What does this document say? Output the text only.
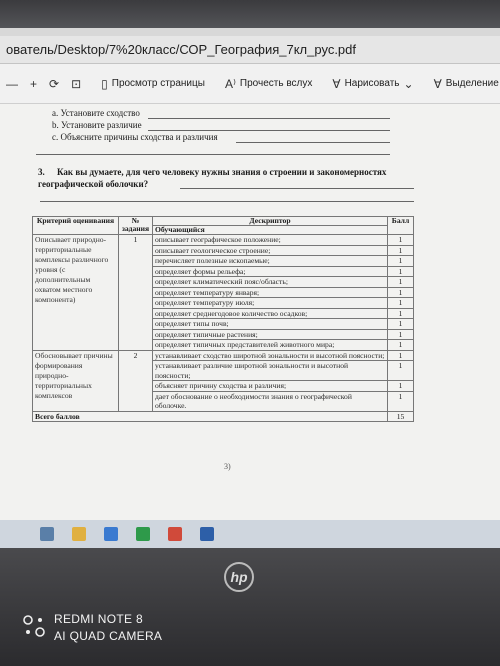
ователь/Desktop/7%20класс/СОР_География_7кл_рус.pdf
— + ⟳ ⊡ ▯ Просмотр страницы A⁾ Прочесть вслух ∀ Нарисовать ⌄ ∀ Выделение
a. Установите сходство
b. Установите различие
c. Объясните причины сходства и различия
3. Как вы думаете, для чего человеку нужны знания о строении и закономерностях географической оболочки?
Критерий оценивания	№ задания	Дескриптор	Балл
		Обучающийся	
Описывает природно-территориальные комплексы различного уровня (с дополнительным охватом местного компонента)	1	описывает географическое положение;	1
		описывает геологическое строение;	1
		перечисляет полезные ископаемые;	1
		определяет формы рельефа;	1
		определяет климатический пояс/область;	1
		определяет температуру января;	1
		определяет температуру июля;	1
		определяет среднегодовое количество осадков;	1
		определяет типы почв;	1
		определяет типичные растения;	1
		определяет типичных представителей животного мира;	1
Обосновывает причины формирования природно-территориальных комплексов	2	устанавливает сходство широтной зональности и высотной поясности;	1
		устанавливает различие широтной зональности и высотной поясности;	1
		объясняет причину сходства и различия;	1
		дает обоснование о необходимости знания о географической оболочке.	1
Всего баллов			15
3)
hp
REDMI NOTE 8
AI QUAD CAMERA
